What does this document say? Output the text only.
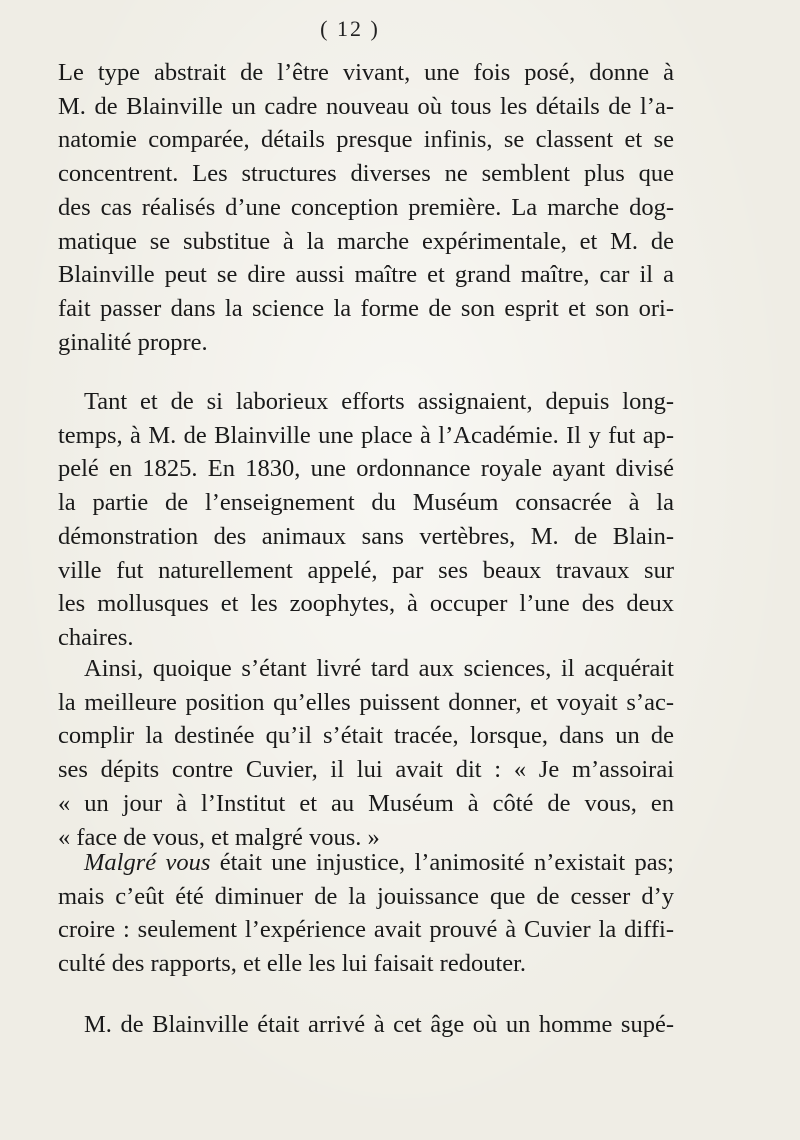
( 12 )
Le type abstrait de l’être vivant, une fois posé, donne à
M. de Blainville un cadre nouveau où tous les détails de l’a-
natomie comparée, détails presque infinis, se classent et se
concentrent. Les structures diverses ne semblent plus que
des cas réalisés d’une conception première. La marche dog-
matique se substitue à la marche expérimentale, et M. de
Blainville peut se dire aussi maître et grand maître, car il a
fait passer dans la science la forme de son esprit et son ori-
ginalité propre.
Tant et de si laborieux efforts assignaient, depuis long-
temps, à M. de Blainville une place à l’Académie. Il y fut ap-
pelé en 1825. En 1830, une ordonnance royale ayant divisé
la partie de l’enseignement du Muséum consacrée à la
démonstration des animaux sans vertèbres, M. de Blain-
ville fut naturellement appelé, par ses beaux travaux sur
les mollusques et les zoophytes, à occuper l’une des deux
chaires.
Ainsi, quoique s’étant livré tard aux sciences, il acquérait
la meilleure position qu’elles puissent donner, et voyait s’ac-
complir la destinée qu’il s’était tracée, lorsque, dans un de
ses dépits contre Cuvier, il lui avait dit : « Je m’assoirai
« un jour à l’Institut et au Muséum à côté de vous, en
« face de vous, et malgré vous. »
Malgré vous était une injustice, l’animosité n’existait pas;
mais c’eût été diminuer de la jouissance que de cesser d’y
croire : seulement l’expérience avait prouvé à Cuvier la diffi-
culté des rapports, et elle les lui faisait redouter.
M. de Blainville était arrivé à cet âge où un homme supé-
